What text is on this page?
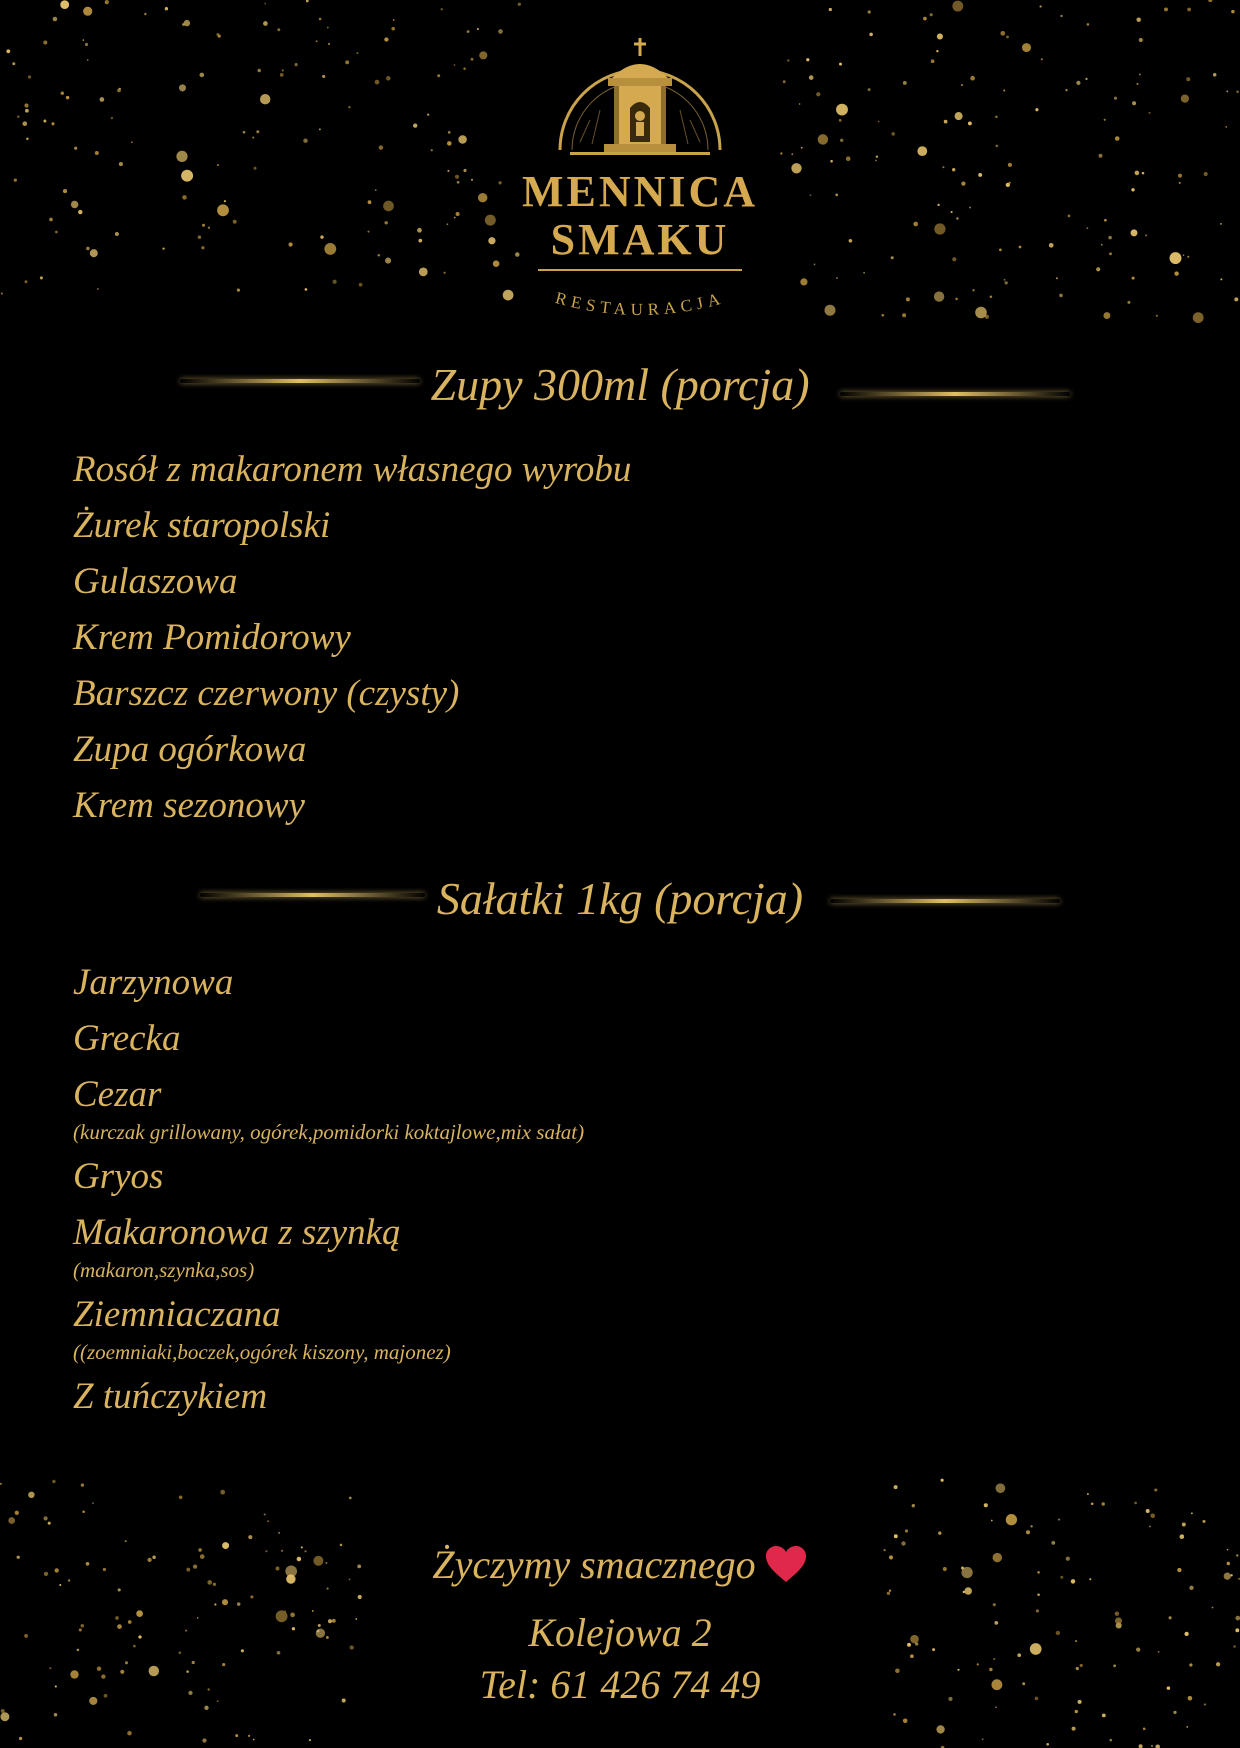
MENNICA
SMAKU
RESTAURACJA
Zupy 300ml (porcja)
Rosół z makaronem własnego wyrobu
Żurek staropolski
Gulaszowa
Krem Pomidorowy
Barszcz czerwony (czysty)
Zupa ogórkowa
Krem sezonowy
Sałatki 1kg (porcja)
Jarzynowa
Grecka
Cezar
(kurczak grillowany, ogórek,pomidorki koktajlowe,mix sałat)
Gryos
Makaronowa z szynką
(makaron,szynka,sos)
Ziemniaczana
((zoemniaki,boczek,ogórek kiszony, majonez)
Z tuńczykiem
Życzymy smacznego
Kolejowa 2
Tel: 61 426 74 49
